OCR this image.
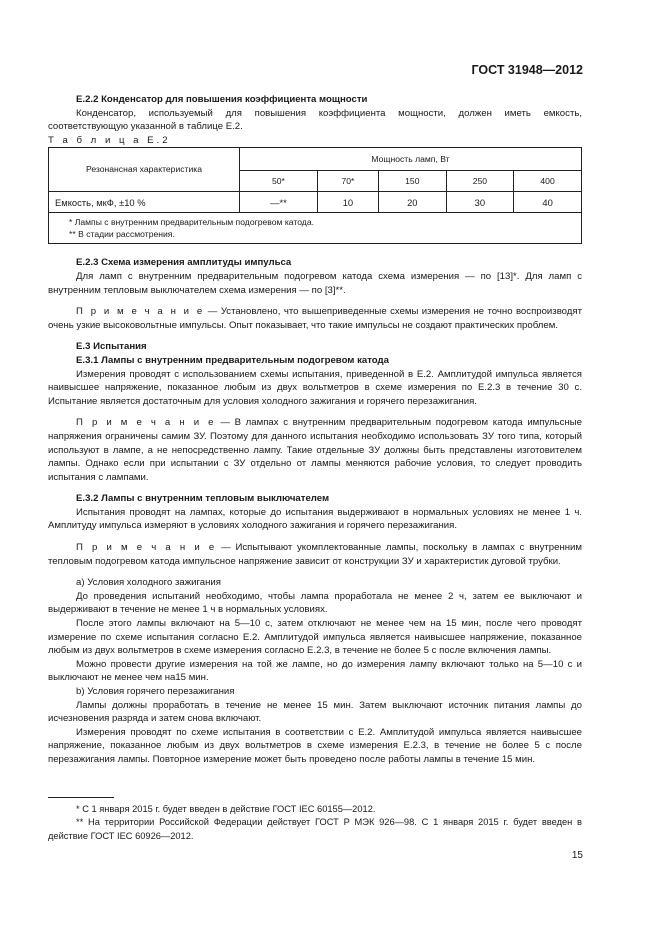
ГОСТ 31948—2012
Е.2.2 Конденсатор для повышения коэффициента мощности

Конденсатор, используемый для повышения коэффициента мощности, должен иметь емкость, соответствующую указанной в таблице Е.2.

Т а б л и ц а Е.2

Резонансная характеристика	Мощность ламп, Вт				
	50*	70*	150	250	400
Емкость, мкФ, ±10 %	—**	10	20	30	40

* Лампы с внутренним предварительным подогревом катода.
** В стадии рассмотрения.					
Е.2.3 Схема измерения амплитуды импульса

Для ламп с внутренним предварительным подогревом катода схема измерения — по [13]*. Для ламп с внутренним тепловым выключателем схема измерения — по [3]**.

П р и м е ч а н и е — Установлено, что вышеприведенные схемы измерения не точно воспроизводят очень узкие высоковольтные импульсы. Опыт показывает, что такие импульсы не создают практических проблем.

Е.3 Испытания
Е.3.1 Лампы с внутренним предварительным подогревом катода

Измерения проводят с использованием схемы испытания, приведенной в Е.2. Амплитудой импульса является наивысшее напряжение, показанное любым из двух вольтметров в схеме измерения по Е.2.3 в течение 30 с. Испытание является достаточным для условия холодного зажигания и горячего перезажигания.

П р и м е ч а н и е — В лампах с внутренним предварительным подогревом катода импульсные напряжения ограничены самим ЗУ. Поэтому для данного испытания необходимо использовать ЗУ того типа, который используют в лампе, а не непосредственно лампу. Такие отдельные ЗУ должны быть представлены изготовителем лампы. Однако если при испытании с ЗУ отдельно от лампы меняются рабочие условия, то следует проводить испытания с лампами.

Е.3.2 Лампы с внутренним тепловым выключателем

Испытания проводят на лампах, которые до испытания выдерживают в нормальных условиях не менее 1 ч. Амплитуду импульса измеряют в условиях холодного зажигания и горячего перезажигания.

П р и м е ч а н и е — Испытывают укомплектованные лампы, поскольку в лампах с внутренним тепловым подогревом катода импульсное напряжение зависит от конструкции ЗУ и характеристик дуговой трубки.

а) Условия холодного зажигания

До проведения испытаний необходимо, чтобы лампа проработала не менее 2 ч, затем ее выключают и выдерживают в течение не менее 1 ч в нормальных условиях.

После этого лампы включают на 5—10 с, затем отключают не менее чем на 15 мин, после чего проводят измерение по схеме испытания согласно Е.2. Амплитудой импульса является наивысшее напряжение, показанное любым из двух вольтметров в схеме измерения согласно Е.2.3, в течение не более 5 с после включения лампы.

Можно провести другие измерения на той же лампе, но до измерения лампу включают только на 5—10 с и выключают не менее чем на15 мин.

b) Условия горячего перезажигания

Лампы должны проработать в течение не менее 15 мин. Затем выключают источник питания лампы до исчезновения разряда и затем снова включают.

Измерения проводят по схеме испытания в соответствии с Е.2. Амплитудой импульса является наивысшее напряжение, показанное любым из двух вольтметров в схеме измерения Е.2.3, в течение не более 5 с после перезажигания лампы. Повторное измерение может быть проведено после работы лампы в течение 15 мин.

* С 1 января 2015 г. будет введен в действие ГОСТ IEC 60155—2012.

** На территории Российской Федерации действует ГОСТ Р МЭК 926—98. С 1 января 2015 г. будет введен в действие ГОСТ IEC 60926—2012.

15
